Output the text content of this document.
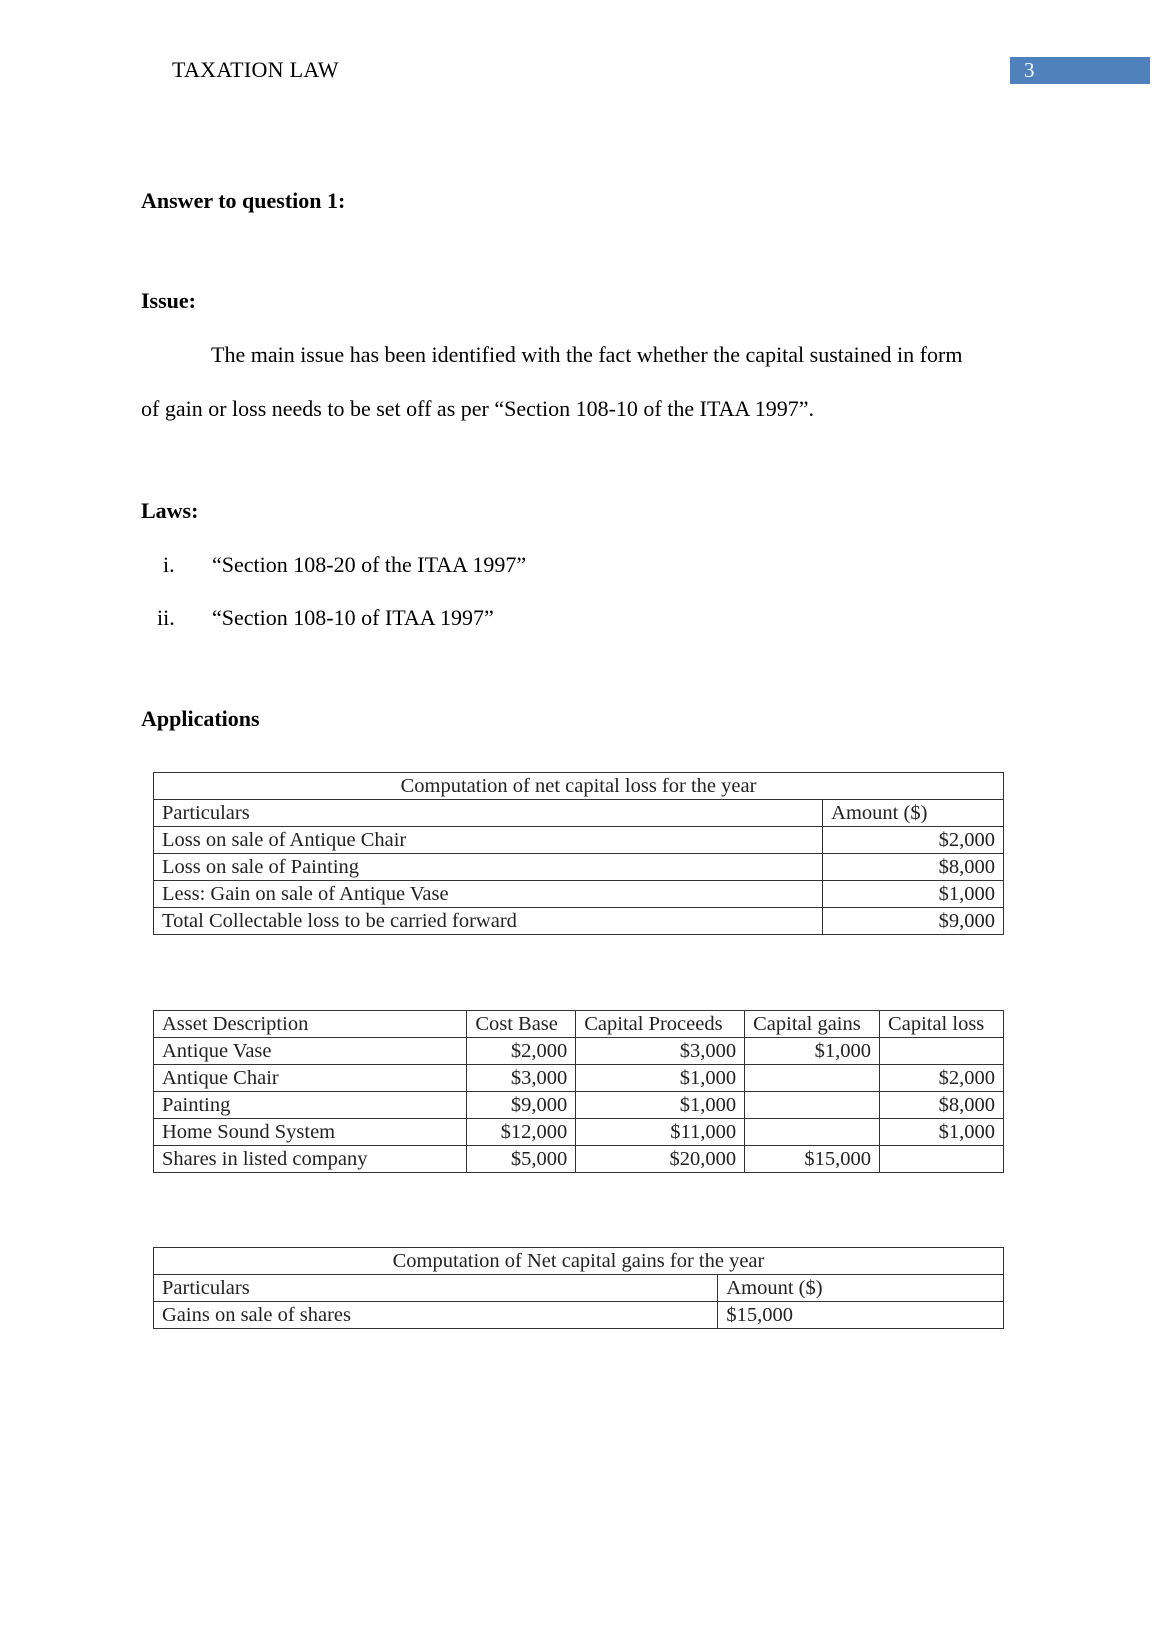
TAXATION LAW	3
Answer to question 1:
Issue:
The main issue has been identified with the fact whether the capital sustained in form
of gain or loss needs to be set off as per “Section 108-10 of the ITAA 1997”.
Laws:
i. “Section 108-20 of the ITAA 1997”
ii. “Section 108-10 of ITAA 1997”
Applications
Computation of net capital loss for the year	
Particulars	Amount ($)
Loss on sale of Antique Chair	$2,000
Loss on sale of Painting	$8,000
Less: Gain on sale of Antique Vase	$1,000
Total Collectable loss to be carried forward	$9,000
Asset Description	Cost Base	Capital Proceeds	Capital gains	Capital loss
Antique Vase	$2,000	$3,000	$1,000	
Antique Chair	$3,000	$1,000		$2,000
Painting	$9,000	$1,000		$8,000
Home Sound System	$12,000	$11,000		$1,000
Shares in listed company	$5,000	$20,000	$15,000	
Computation of Net capital gains for the year	
Particulars	Amount ($)
Gains on sale of shares	$15,000
